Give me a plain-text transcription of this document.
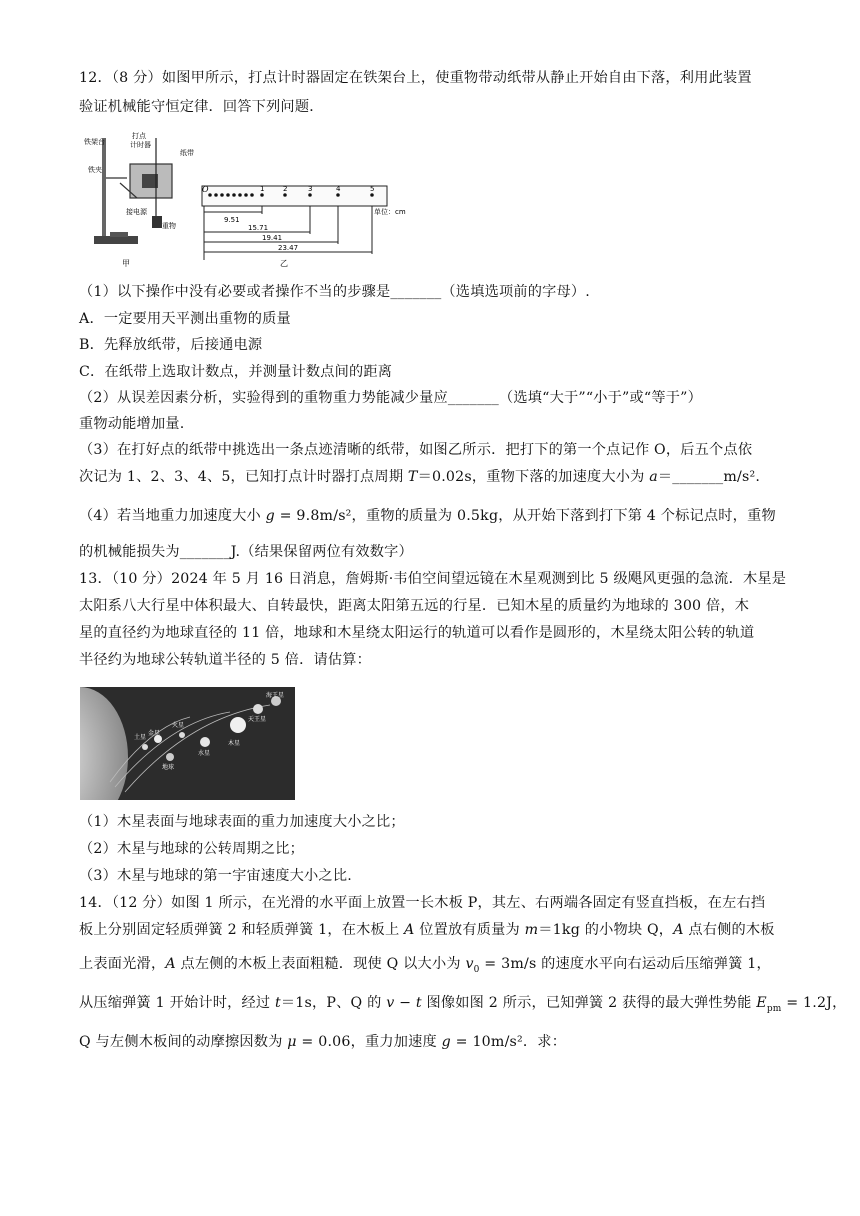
12．（8 分）如图甲所示，打点计时器固定在铁架台上，使重物带动纸带从静止开始自由下落，利用此装置
验证机械能守恒定律．回答下列问题．
铁架台
打点
计时器
纸带
铁夹
接电源
重物
甲
O	1	2	3	4	5
单位：cm
9.51
15.71
19.41
23.47
乙
（1）以下操作中没有必要或者操作不当的步骤是_______（选填选项前的字母）.
A．一定要用天平测出重物的质量
B．先释放纸带，后接通电源
C．在纸带上选取计数点，并测量计数点间的距离
（2）从误差因素分析，实验得到的重物重力势能减少量应_______（选填“大于”“小于”或“等于”）
重物动能增加量.
（3）在打好点的纸带中挑选出一条点迹清晰的纸带，如图乙所示．把打下的第一个点记作 O，后五个点依
次记为 1、2、3、4、5，已知打点计时器打点周期 T＝0.02s，重物下落的加速度大小为 a＝_______m/s².
（4）若当地重力加速度大小 g = 9.8m/s²，重物的质量为 0.5kg，从开始下落到打下第 4 个标记点时，重物
的机械能损失为_______J.（结果保留两位有效数字）
13．（10 分）2024 年 5 月 16 日消息，詹姆斯·韦伯空间望远镜在木星观测到比 5 级飓风更强的急流．木星是
太阳系八大行星中体积最大、自转最快，距离太阳第五远的行星．已知木星的质量约为地球的 300 倍，木
星的直径约为地球直径的 11 倍，地球和木星绕太阳运行的轨道可以看作是圆形的，木星绕太阳公转的轨道
半径约为地球公转轨道半径的 5 倍．请估算：
土星
火星
金星
地球
水星
木星
天王星
海王星
（1）木星表面与地球表面的重力加速度大小之比；
（2）木星与地球的公转周期之比；
（3）木星与地球的第一宇宙速度大小之比.
14．（12 分）如图 1 所示，在光滑的水平面上放置一长木板 P，其左、右两端各固定有竖直挡板，在左右挡
板上分别固定轻质弹簧 2 和轻质弹簧 1，在木板上 A 位置放有质量为 m＝1kg 的小物块 Q，A 点右侧的木板
上表面光滑，A 点左侧的木板上表面粗糙．现使 Q 以大小为 $v_0 = 3m/s$ 的速度水平向右运动后压缩弹簧 1，
从压缩弹簧 1 开始计时，经过 t＝1s，P、Q 的 v − t 图像如图 2 所示，已知弹簧 2 获得的最大弹性势能 $E_{pm} = 1.2J$，
Q 与左侧木板间的动摩擦因数为 μ = 0.06，重力加速度 g = 10m/s²．求：
